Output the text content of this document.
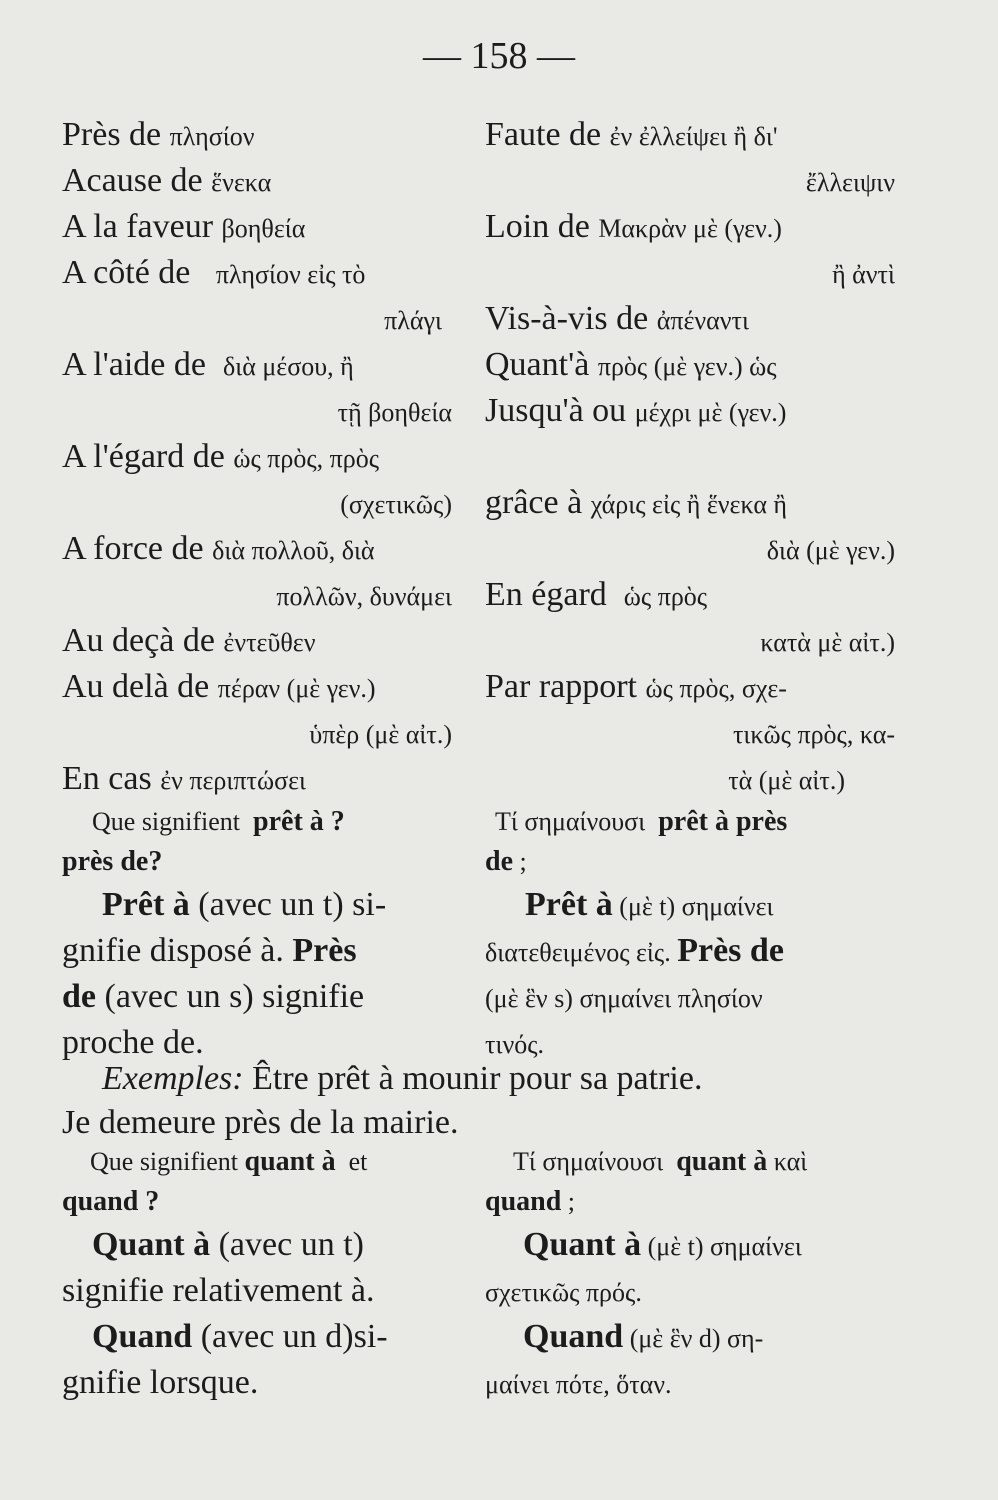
— 158 —
Près de πλησίον
Acause de ἕνεκα
A la faveur βοηθεία
A côté de πλησίον εἰς τὸ
πλάγι
A l'aide de διὰ μέσου, ἢ
τῇ βοηθεία
A l'égard de ὡς πρὸς, πρὸς
(σχετικῶς)
A force de διὰ πολλοῦ, διὰ
πολλῶν, δυνάμει
Au deçà de ἐντεῦθεν
Au delà de πέραν (μὲ γεν.)
ὑπὲρ (μὲ αἰτ.)
En cas ἐν περιπτώσει
Que signifient prêt à ?
près de?
Prêt à (avec un t) si-
gnifie disposé à. Près
de (avec un s) signifie
proche de.
Faute de ἐν ἐλλείψει ἢ δι'
ἔλλειψιν
Loin de Μακρὰν μὲ (γεν.)
ἢ ἀντὶ
Vis-à-vis de ἀπέναντι
Quant'à πρὸς (μὲ γεν.) ὡς
Jusqu'à ou μέχρι μὲ (γεν.)
grâce à χάρις εἰς ἢ ἕνεκα ἢ
διὰ (μὲ γεν.)
En égard ὡς πρὸς
κατὰ μὲ αἰτ.)
Par rapport ὡς πρὸς, σχε-
τικῶς πρὸς, κα-
τὰ (μὲ αἰτ.)
Τί σημαίνουσι prêt à près
de ;
Prêt à (μὲ t) σημαίνει
διατεθειμένος εἰς. Près de
(μὲ ἓν s) σημαίνει πλησίον
τινός.
Exemples: Être prêt à mounir pour sa patrie.
Je demeure près de la mairie.
Que signifient quant à et
quand ?
Quant à (avec un t)
signifie relativement à.
Quand (avec un d)si-
gnifie lorsque.
Τί σημαίνουσι quant à καὶ
quand ;
Quant à (μὲ t) σημαίνει
σχετικῶς πρός.
Quand (μὲ ἓν d) ση-
μαίνει πότε, ὅταν.
